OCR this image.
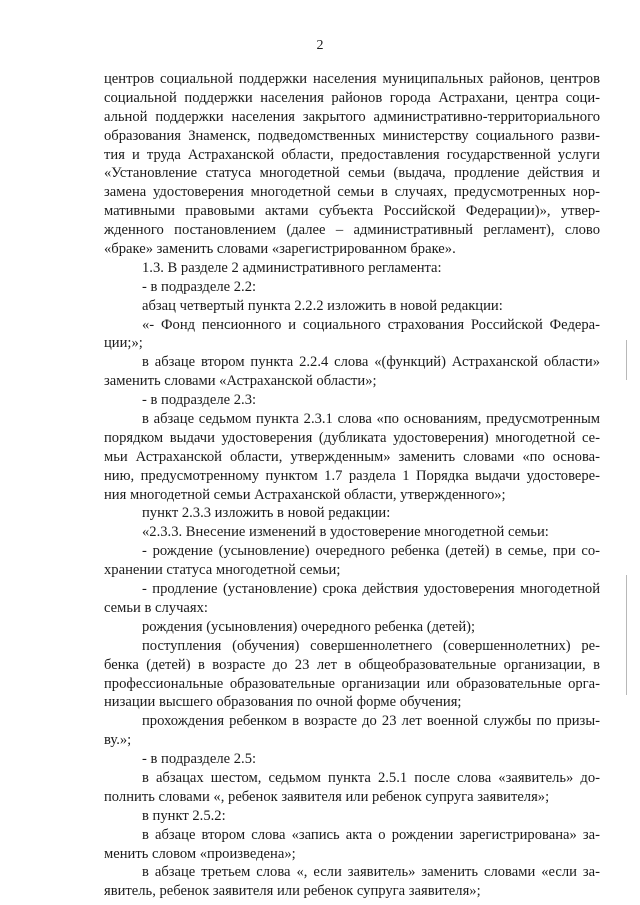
2
центров социальной поддержки населения муниципальных районов, центров
социальной поддержки населения районов города Астрахани, центра соци-
альной поддержки населения закрытого административно-территориального
образования Знаменск, подведомственных министерству социального разви-
тия и труда Астраханской области, предоставления государственной услуги
«Установление статуса многодетной семьи (выдача, продление действия и
замена удостоверения многодетной семьи в случаях, предусмотренных нор-
мативными правовыми актами субъекта Российской Федерации)», утвер-
жденного постановлением (далее – административный регламент), слово
«браке» заменить словами «зарегистрированном браке».
1.3. В разделе 2 административного регламента:
- в подразделе 2.2:
абзац четвертый пункта 2.2.2 изложить в новой редакции:
«- Фонд пенсионного и социального страхования Российской Федера-
ции;»;
в абзаце втором пункта 2.2.4 слова «(функций) Астраханской области»
заменить словами «Астраханской области»;
- в подразделе 2.3:
в абзаце седьмом пункта 2.3.1 слова «по основаниям, предусмотренным
порядком выдачи удостоверения (дубликата удостоверения) многодетной се-
мьи Астраханской области, утвержденным» заменить словами «по основа-
нию, предусмотренному пунктом 1.7 раздела 1 Порядка выдачи удостовере-
ния многодетной семьи Астраханской области, утвержденного»;
пункт 2.3.3 изложить в новой редакции:
«2.3.3. Внесение изменений в удостоверение многодетной семьи:
- рождение (усыновление) очередного ребенка (детей) в семье, при со-
хранении статуса многодетной семьи;
- продление (установление) срока действия удостоверения многодетной
семьи в случаях:
рождения (усыновления) очередного ребенка (детей);
поступления (обучения) совершеннолетнего (совершеннолетних) ре-
бенка (детей) в возрасте до 23 лет в общеобразовательные организации, в
профессиональные образовательные организации или образовательные орга-
низации высшего образования по очной форме обучения;
прохождения ребенком в возрасте до 23 лет военной службы по призы-
ву.»;
- в подразделе 2.5:
в абзацах шестом, седьмом пункта 2.5.1 после слова «заявитель» до-
полнить словами «, ребенок заявителя или ребенок супруга заявителя»;
в пункт 2.5.2:
в абзаце втором слова «запись акта о рождении зарегистрирована» за-
менить словом «произведена»;
в абзаце третьем слова «, если заявитель» заменить словами «если за-
явитель, ребенок заявителя или ребенок супруга заявителя»;
